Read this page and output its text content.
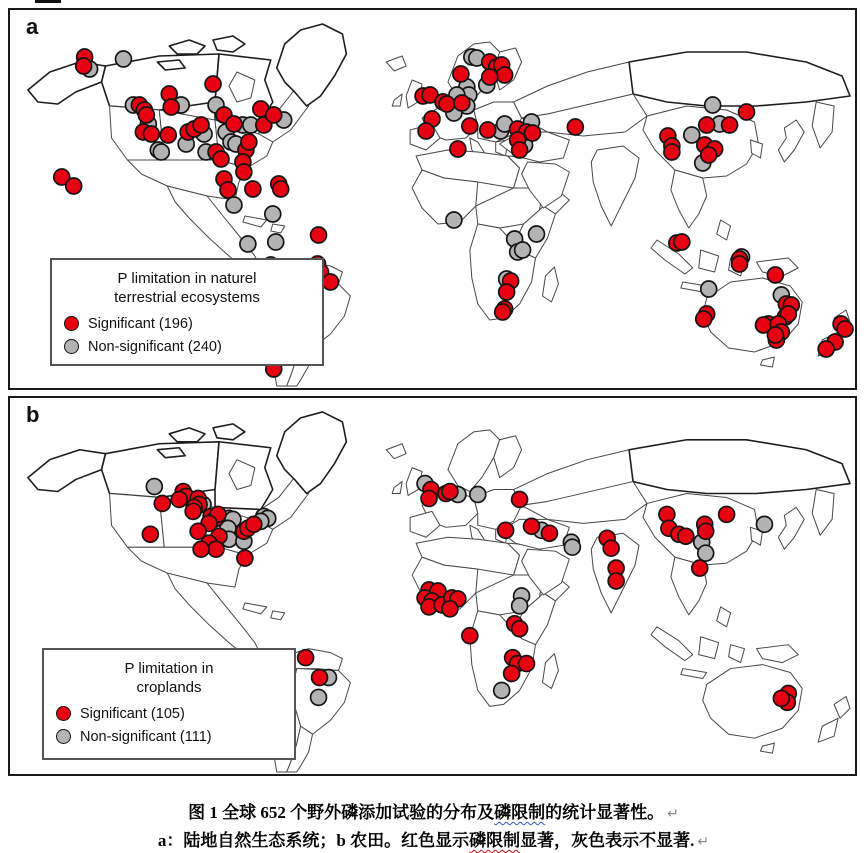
a
P limitation in naturel
terrestrial ecosystems
Significant (196)
Non-significant (240)
b
P limitation in
croplands
Significant (105)
Non-significant (111)
图 1 全球 652 个野外磷添加试验的分布及磷限制的统计显著性。 ↵
a：陆地自然生态系统；b 农田。红色显示磷限制显著，灰色表示不显著. ↵
